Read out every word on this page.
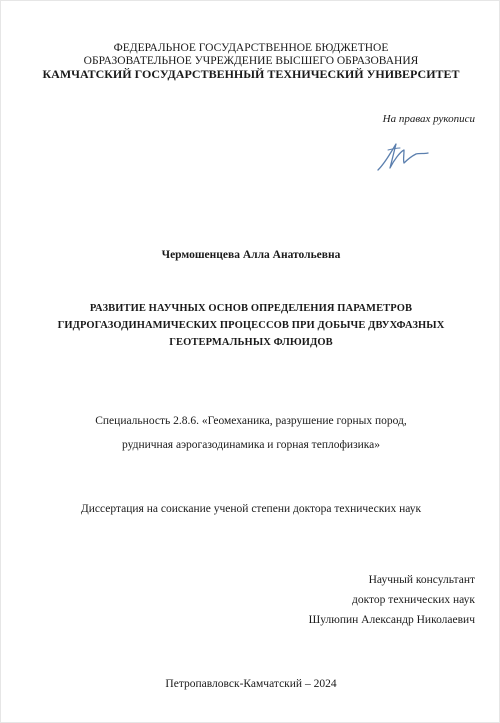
ФЕДЕРАЛЬНОЕ ГОСУДАРСТВЕННОЕ БЮДЖЕТНОЕ
ОБРАЗОВАТЕЛЬНОЕ УЧРЕЖДЕНИЕ ВЫСШЕГО ОБРАЗОВАНИЯ
КАМЧАТСКИЙ ГОСУДАРСТВЕННЫЙ ТЕХНИЧЕСКИЙ УНИВЕРСИТЕТ
На правах рукописи
Чермошенцева Алла Анатольевна
РАЗВИТИЕ НАУЧНЫХ ОСНОВ ОПРЕДЕЛЕНИЯ ПАРАМЕТРОВ
ГИДРОГАЗОДИНАМИЧЕСКИХ ПРОЦЕССОВ ПРИ ДОБЫЧЕ ДВУХФАЗНЫХ
ГЕОТЕРМАЛЬНЫХ ФЛЮИДОВ
Специальность 2.8.6. «Геомеханика, разрушение горных пород,
рудничная аэрогазодинамика и горная теплофизика»
Диссертация на соискание ученой степени доктора технических наук
Научный консультант
доктор технических наук
Шулюпин Александр Николаевич
Петропавловск-Камчатский – 2024
